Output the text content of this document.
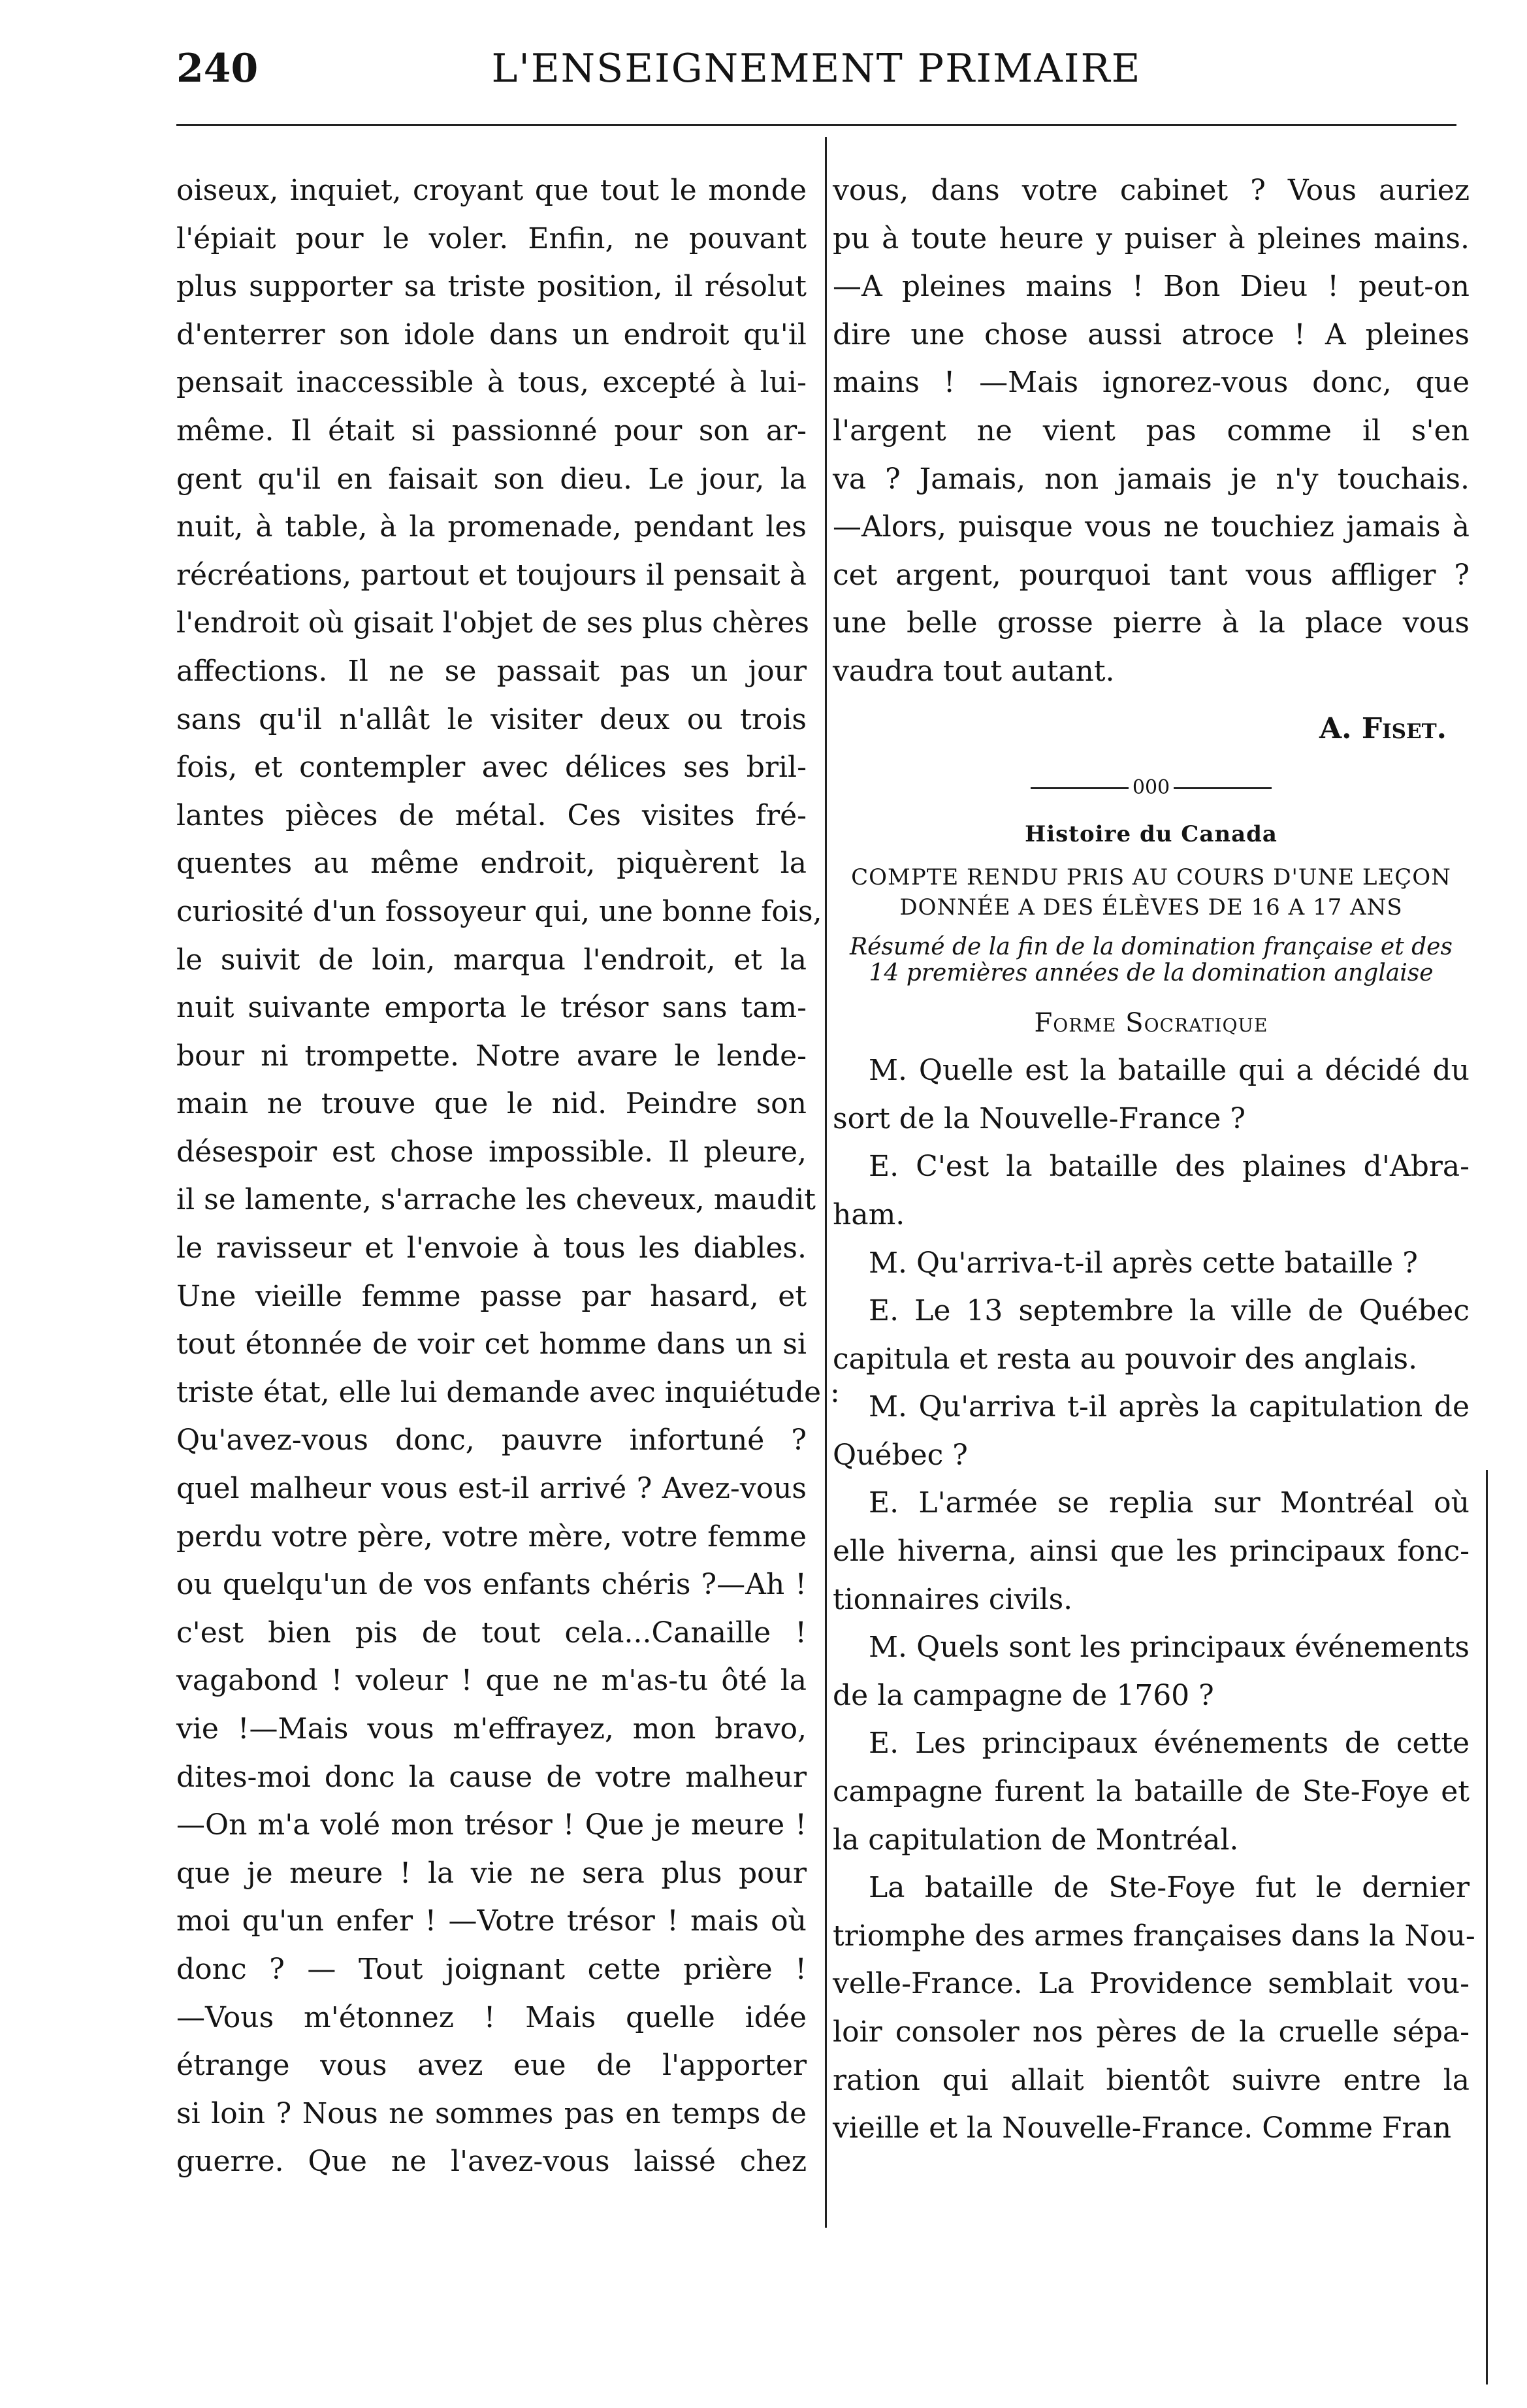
240	L'ENSEIGNEMENT PRIMAIRE
oiseux, inquiet, croyant que tout le monde
l'épiait pour le voler. Enfin, ne pouvant
plus supporter sa triste position, il résolut
d'enterrer son idole dans un endroit qu'il
pensait inaccessible à tous, excepté à lui-
même. Il était si passionné pour son ar-
gent qu'il en faisait son dieu. Le jour, la
nuit, à table, à la promenade, pendant les
récréations, partout et toujours il pensait à
l'endroit où gisait l'objet de ses plus chères
affections. Il ne se passait pas un jour
sans qu'il n'allât le visiter deux ou trois
fois, et contempler avec délices ses bril-
lantes pièces de métal. Ces visites fré-
quentes au même endroit, piquèrent la
curiosité d'un fossoyeur qui, une bonne fois,
le suivit de loin, marqua l'endroit, et la
nuit suivante emporta le trésor sans tam-
bour ni trompette. Notre avare le lende-
main ne trouve que le nid. Peindre son
désespoir est chose impossible. Il pleure,
il se lamente, s'arrache les cheveux, maudit
le ravisseur et l'envoie à tous les diables.
Une vieille femme passe par hasard, et
tout étonnée de voir cet homme dans un si
triste état, elle lui demande avec inquiétude :
Qu'avez-vous donc, pauvre infortuné ?
quel malheur vous est-il arrivé ? Avez-vous
perdu votre père, votre mère, votre femme
ou quelqu'un de vos enfants chéris ?—Ah !
c'est bien pis de tout cela...Canaille !
vagabond ! voleur ! que ne m'as-tu ôté la
vie !—Mais vous m'effrayez, mon bravo,
dites-moi donc la cause de votre malheur
—On m'a volé mon trésor ! Que je meure !
que je meure ! la vie ne sera plus pour
moi qu'un enfer ! —Votre trésor ! mais où
donc ? — Tout joignant cette prière !
—Vous m'étonnez ! Mais quelle idée
étrange vous avez eue de l'apporter
si loin ? Nous ne sommes pas en temps de
guerre. Que ne l'avez-vous laissé chez
vous, dans votre cabinet ? Vous auriez
pu à toute heure y puiser à pleines mains.
—A pleines mains ! Bon Dieu ! peut-on
dire une chose aussi atroce ! A pleines
mains ! —Mais ignorez-vous donc, que
l'argent ne vient pas comme il s'en
va ? Jamais, non jamais je n'y touchais.
—Alors, puisque vous ne touchiez jamais à
cet argent, pourquoi tant vous affliger ?
une belle grosse pierre à la place vous
vaudra tout autant.
A. Fiset.
000
Histoire du Canada
COMPTE RENDU PRIS AU COURS D'UNE LEÇON
DONNÉE A DES ÉLÈVES DE 16 A 17 ANS
Résumé de la fin de la domination française et des
14 premières années de la domination anglaise
Forme Socratique
M. Quelle est la bataille qui a décidé du
sort de la Nouvelle-France ?
E. C'est la bataille des plaines d'Abra-
ham.
M. Qu'arriva-t-il après cette bataille ?
E. Le 13 septembre la ville de Québec
capitula et resta au pouvoir des anglais.
M. Qu'arriva t-il après la capitulation de
Québec ?
E. L'armée se replia sur Montréal où
elle hiverna, ainsi que les principaux fonc-
tionnaires civils.
M. Quels sont les principaux événements
de la campagne de 1760 ?
E. Les principaux événements de cette
campagne furent la bataille de Ste-Foye et
la capitulation de Montréal.
La bataille de Ste-Foye fut le dernier
triomphe des armes françaises dans la Nou-
velle-France. La Providence semblait vou-
loir consoler nos pères de la cruelle sépa-
ration qui allait bientôt suivre entre la
vieille et la Nouvelle-France. Comme Fran
